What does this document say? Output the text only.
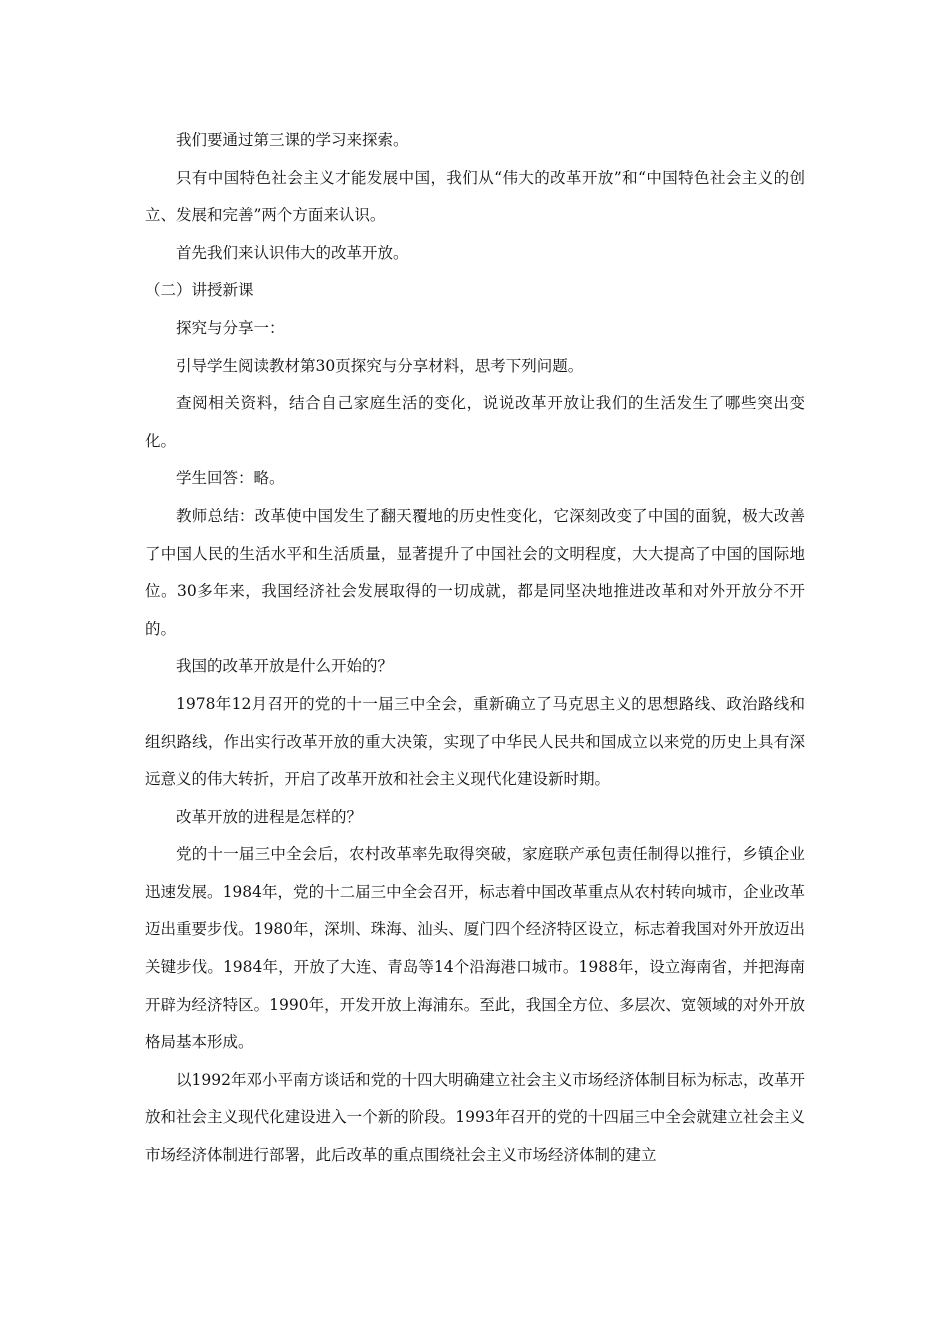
我们要通过第三课的学习来探索。

只有中国特色社会主义才能发展中国，我们从“伟大的改革开放”和“中国特色社会主义的创立、发展和完善”两个方面来认识。

首先我们来认识伟大的改革开放。

（二）讲授新课

探究与分享一：

引导学生阅读教材第30页探究与分享材料，思考下列问题。

查阅相关资料，结合自己家庭生活的变化，说说改革开放让我们的生活发生了哪些突出变化。

学生回答：略。

教师总结：改革使中国发生了翻天覆地的历史性变化，它深刻改变了中国的面貌，极大改善了中国人民的生活水平和生活质量，显著提升了中国社会的文明程度，大大提高了中国的国际地位。30多年来，我国经济社会发展取得的一切成就，都是同坚决地推进改革和对外开放分不开的。

我国的改革开放是什么开始的？

1978年12月召开的党的十一届三中全会，重新确立了马克思主义的思想路线、政治路线和组织路线，作出实行改革开放的重大决策，实现了中华民人民共和国成立以来党的历史上具有深远意义的伟大转折，开启了改革开放和社会主义现代化建设新时期。

改革开放的进程是怎样的？

党的十一届三中全会后，农村改革率先取得突破，家庭联产承包责任制得以推行，乡镇企业迅速发展。1984年，党的十二届三中全会召开，标志着中国改革重点从农村转向城市，企业改革迈出重要步伐。1980年，深圳、珠海、汕头、厦门四个经济特区设立，标志着我国对外开放迈出关键步伐。1984年，开放了大连、青岛等14个沿海港口城市。1988年，设立海南省，并把海南开辟为经济特区。1990年，开发开放上海浦东。至此，我国全方位、多层次、宽领域的对外开放格局基本形成。

以1992年邓小平南方谈话和党的十四大明确建立社会主义市场经济体制目标为标志，改革开放和社会主义现代化建设进入一个新的阶段。1993年召开的党的十四届三中全会就建立社会主义市场经济体制进行部署，此后改革的重点围绕社会主义市场经济体制的建立
